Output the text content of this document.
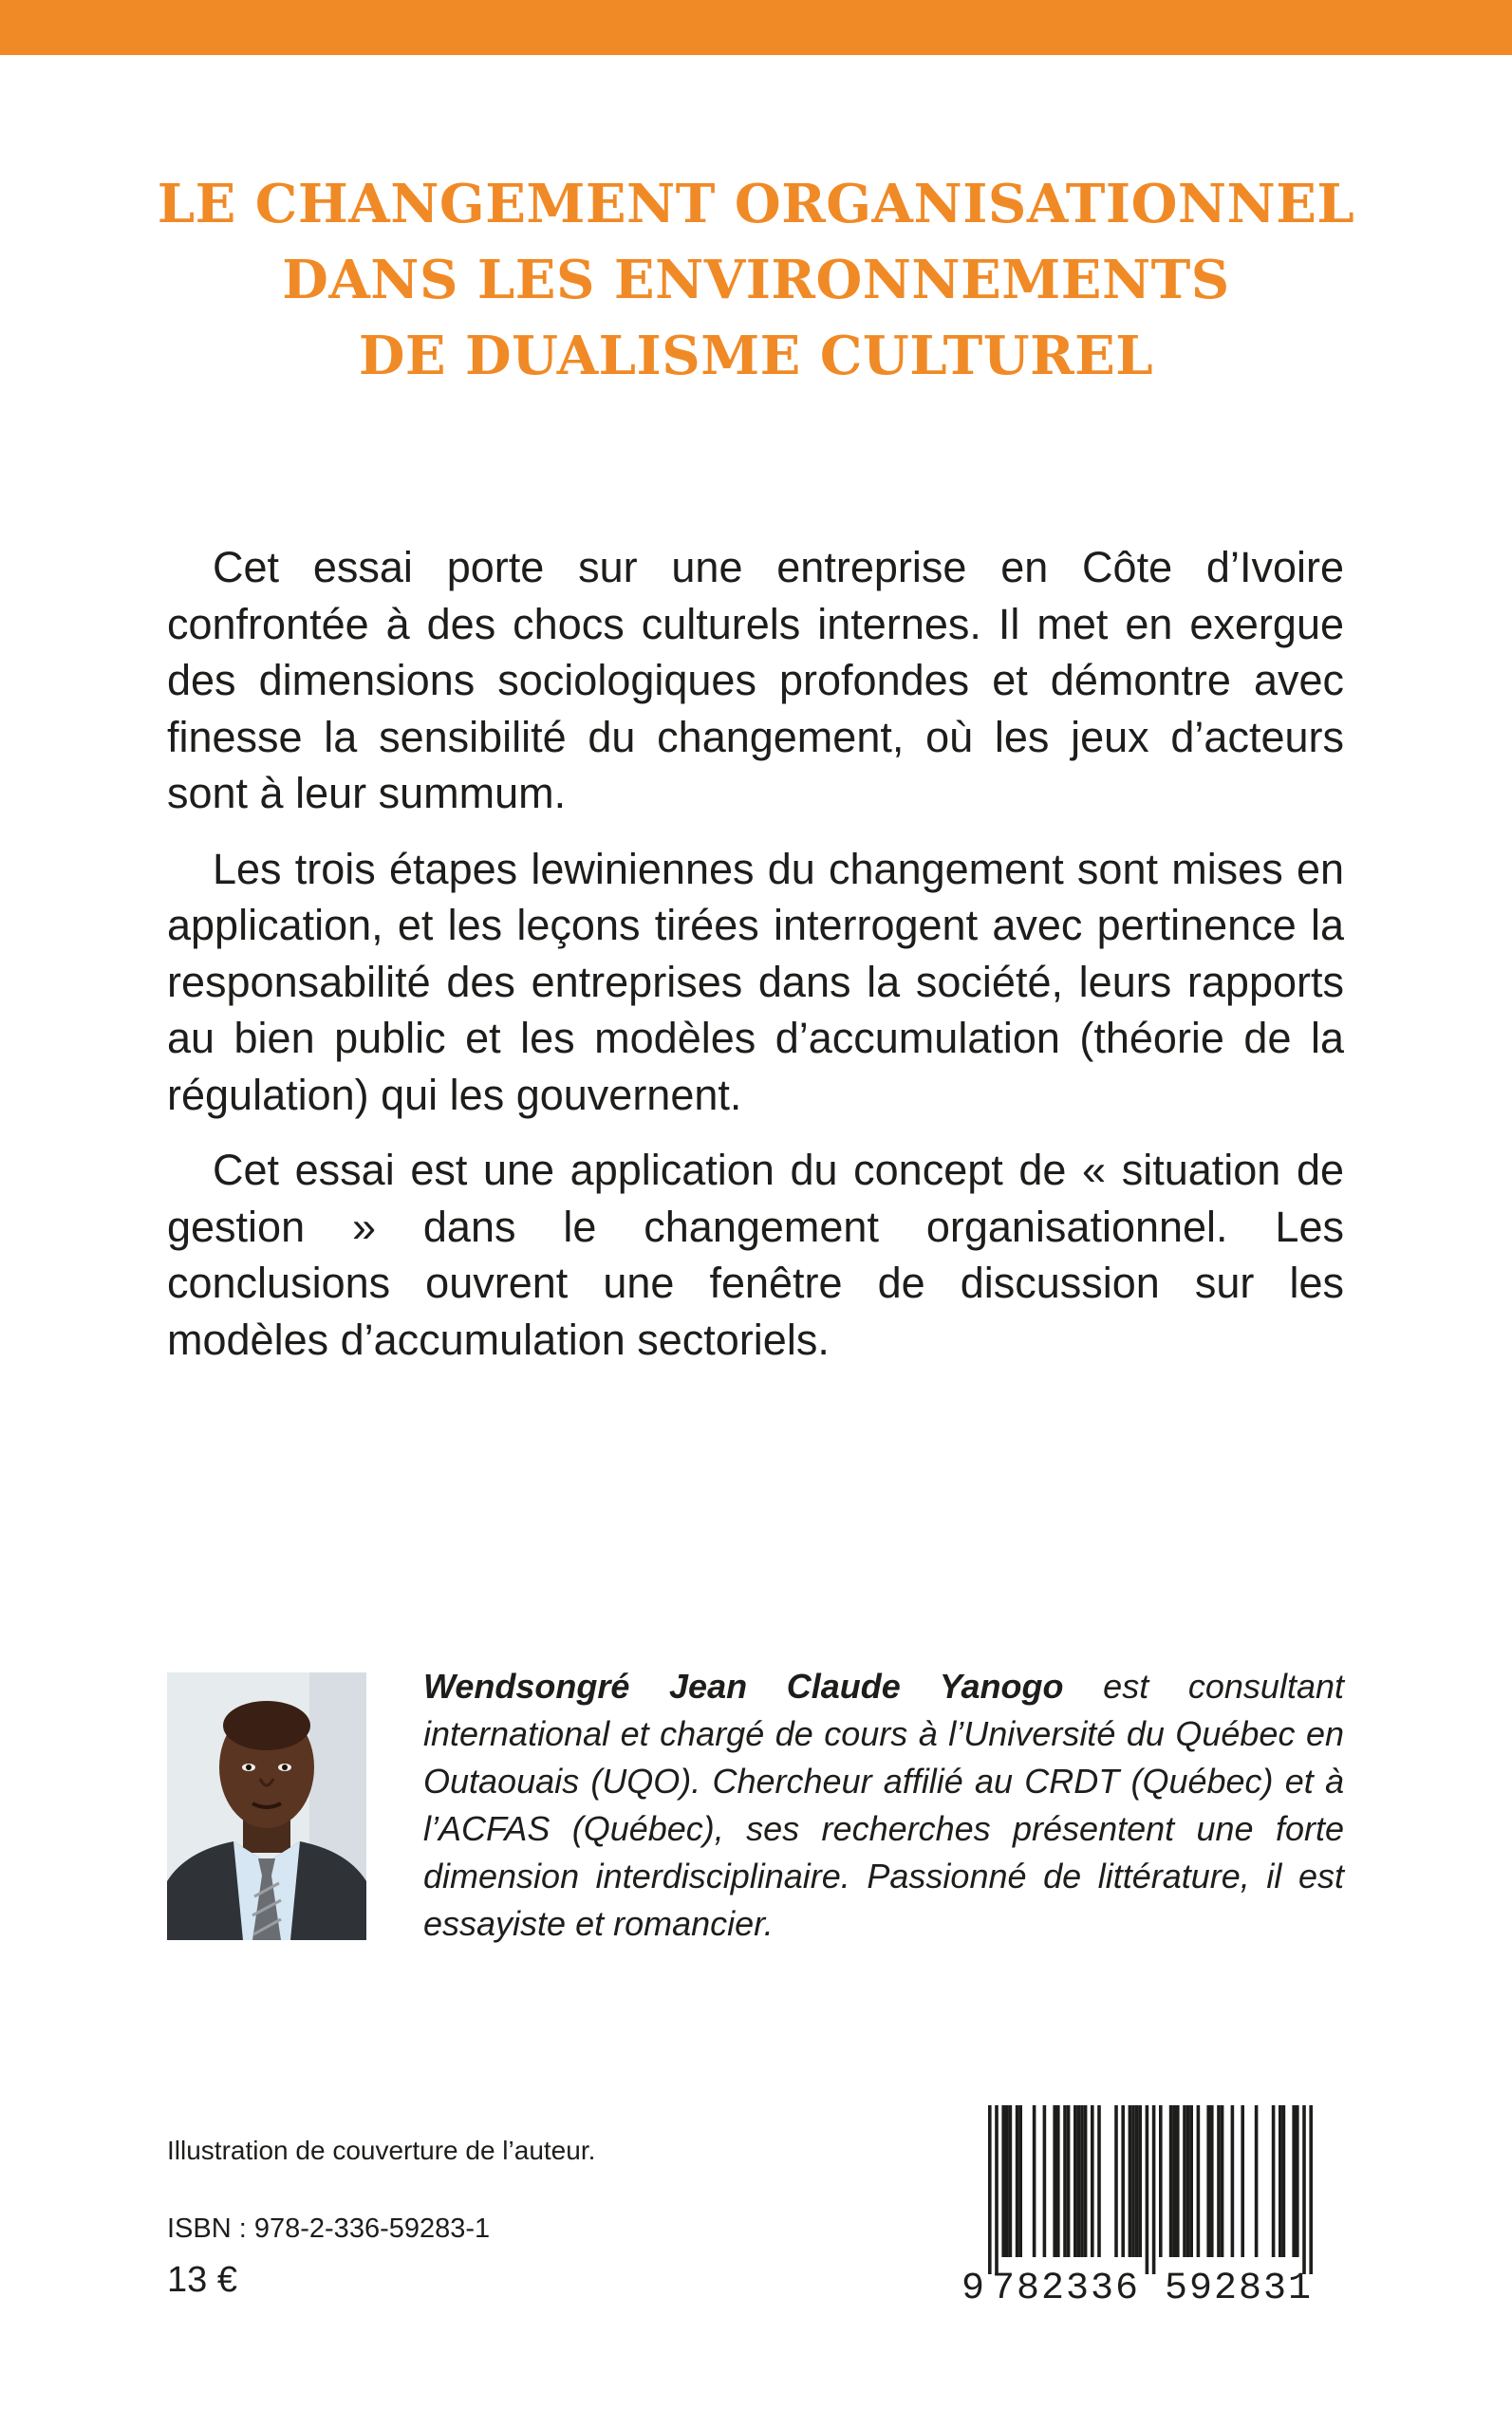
LE CHANGEMENT ORGANISATIONNEL
DANS LES ENVIRONNEMENTS
DE DUALISME CULTUREL

Cet essai porte sur une entreprise en Côte d’Ivoire confrontée à des chocs culturels internes. Il met en exergue des dimensions sociologiques profondes et démontre avec finesse la sensibilité du changement, où les jeux d’acteurs sont à leur summum.

Les trois étapes lewiniennes du changement sont mises en application, et les leçons tirées interrogent avec pertinence la responsabilité des entreprises dans la société, leurs rapports au bien public et les modèles d’accumulation (théorie de la régulation) qui les gouvernent.

Cet essai est une application du concept de « situation de gestion » dans le changement organisationnel. Les conclusions ouvrent une fenêtre de discussion sur les modèles d’accumulation sectoriels.

Wendsongré Jean Claude Yanogo est consultant international et chargé de cours à l’Université du Québec en Outaouais (UQO). Chercheur affilié au CRDT (Québec) et à l’ACFAS (Québec), ses recherches présentent une forte dimension interdisciplinaire. Passionné de littérature, il est essayiste et romancier.
Illustration de couverture de l’auteur.
ISBN : 978-2-336-59283-1
13 €	9 782336 592831
